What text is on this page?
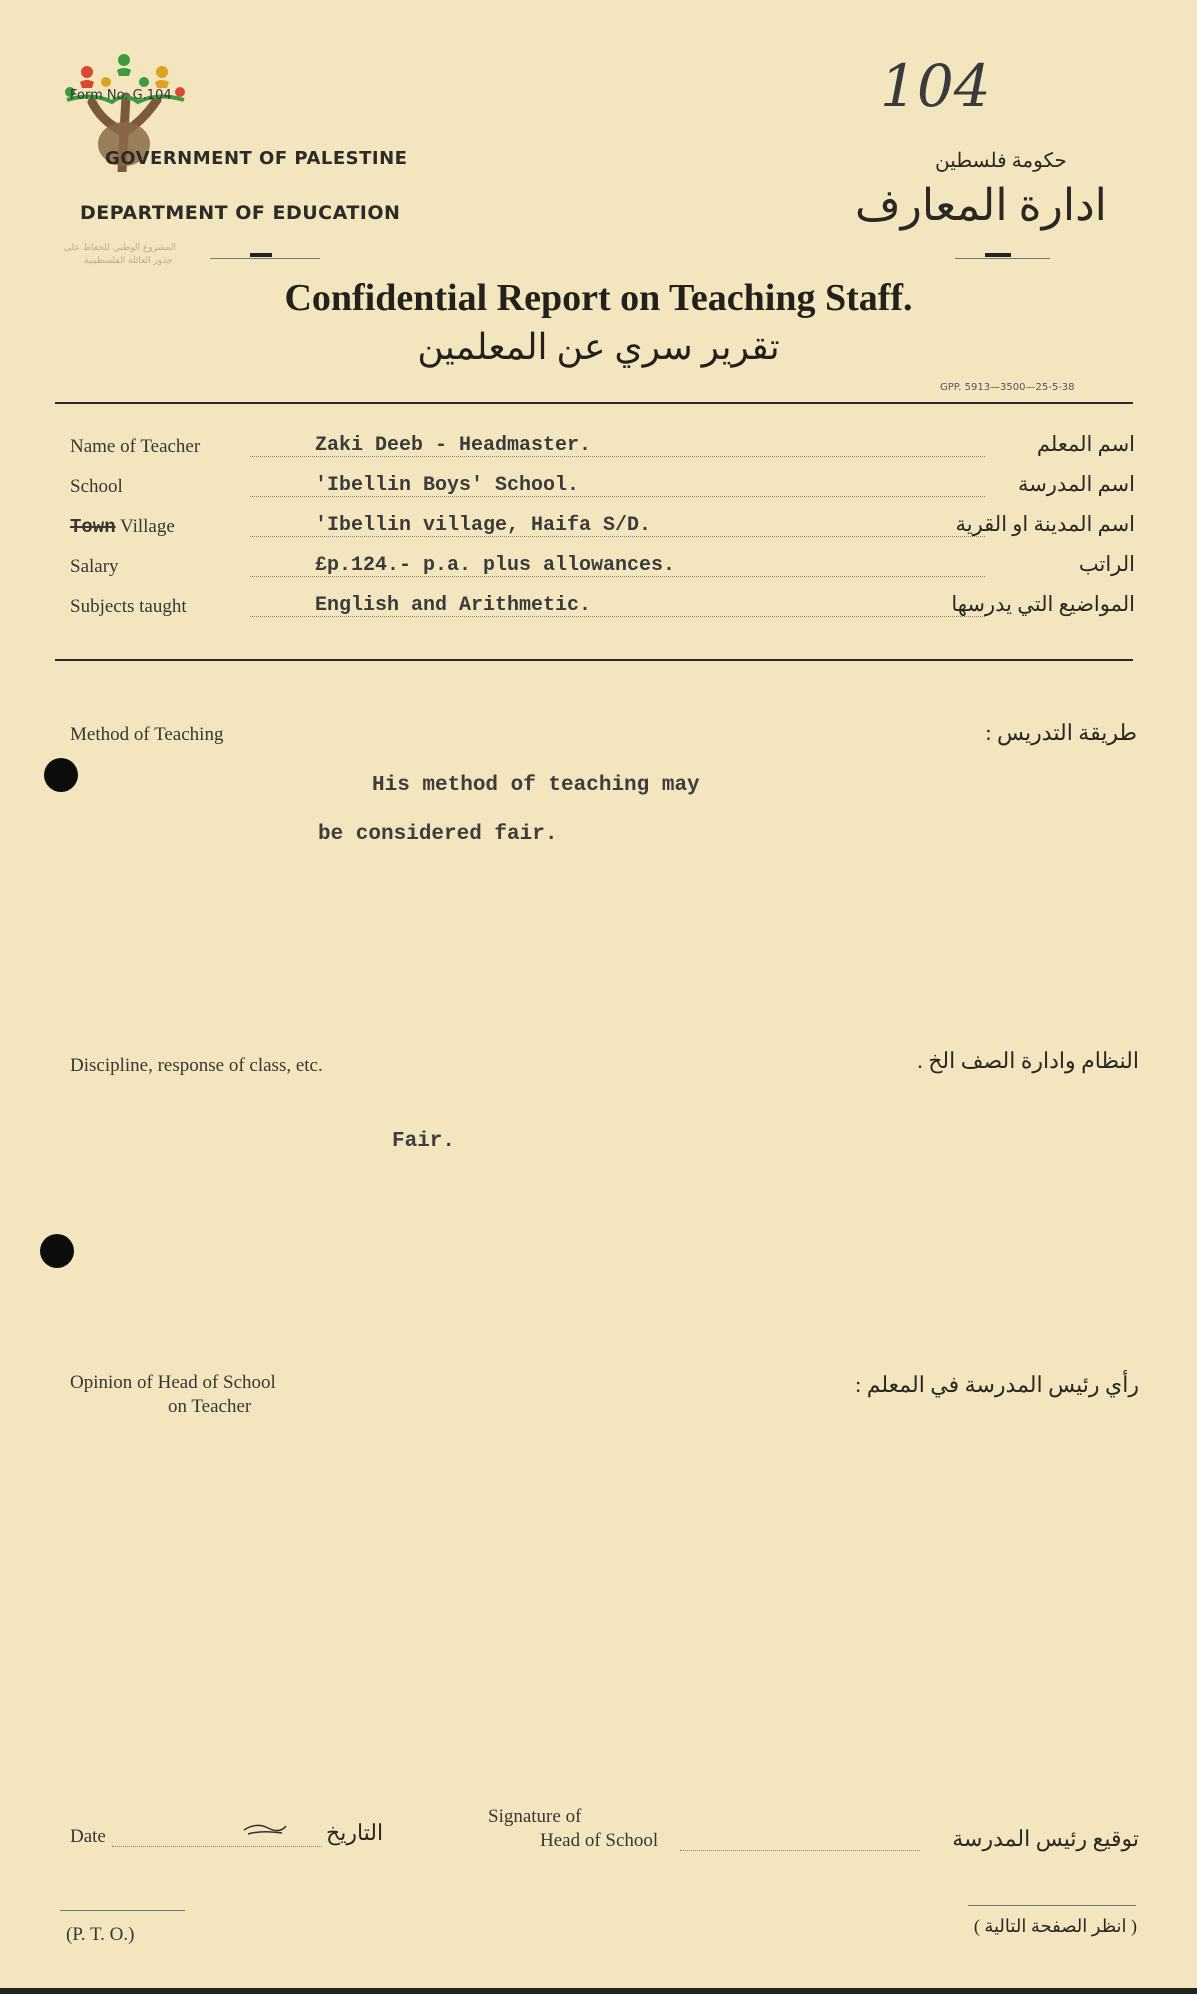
Form No. G.104
GOVERNMENT OF PALESTINE
DEPARTMENT OF EDUCATION
المشروع الوطني للحفاظ على
جذور العائلة الفلسطينية
104
حكومة فلسطين
ادارة المعارف
Confidential Report on Teaching Staff.
تقرير سري عن المعلمين
GPP. 5913—3500—25-5-38
Name of Teacher	Zaki Deeb - Headmaster.	اسم المعلم
School	'Ibellin Boys' School.	اسم المدرسة
Town Village	'Ibellin village, Haifa S/D.	اسم المدينة او القرية
Salary	£p.124.- p.a. plus allowances.	الراتب
Subjects taught	English and Arithmetic.	المواضيع التي يدرسها
Method of Teaching	طريقة التدريس :
His method of teaching may
be considered fair.
Discipline, response of class, etc.	النظام وادارة الصف الخ .
Fair.
Opinion of Head of School
on Teacher
رأي رئيس المدرسة في المعلم :
Date	التاريخ
Signature of
Head of School	توقيع رئيس المدرسة
(P. T. O.)	( انظر الصفحة التالية )
